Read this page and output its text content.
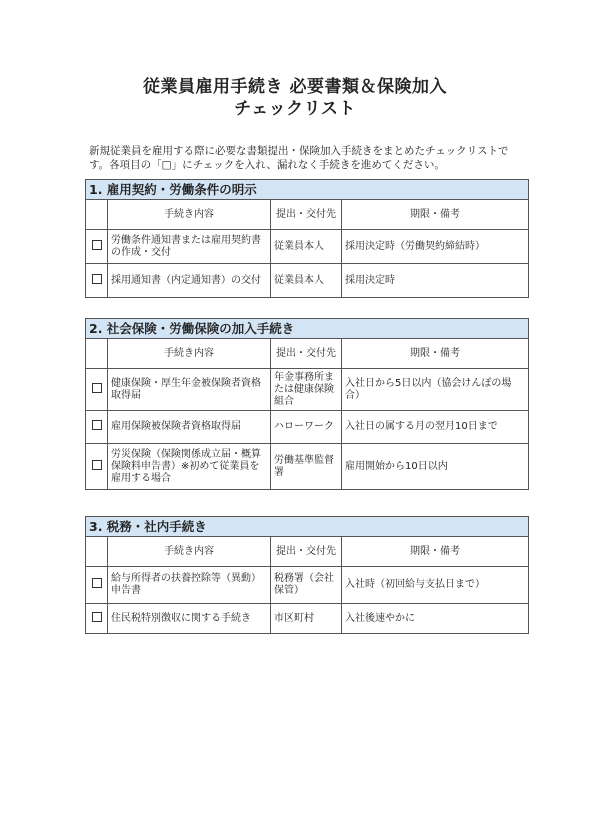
従業員雇用手続き 必要書類＆保険加入
チェックリスト
新規従業員を雇用する際に必要な書類提出・保険加入手続きをまとめたチェックリストで
す。各項目の「□」にチェックを入れ、漏れなく手続きを進めてください。
1. 雇用契約・労働条件の明示			
	手続き内容	提出・交付先	期限・備考
	労働条件通知書または雇用契約書の作成・交付	従業員本人	採用決定時（労働契約締結時）
	採用通知書（内定通知書）の交付	従業員本人	採用決定時
2. 社会保険・労働保険の加入手続き			
	手続き内容	提出・交付先	期限・備考
	健康保険・厚生年金被保険者資格取得届	年金事務所または健康保険組合	入社日から5日以内（協会けんぽの場合）
	雇用保険被保険者資格取得届	ハローワーク	入社日の属する月の翌月10日まで
	労災保険（保険関係成立届・概算保険料申告書）※初めて従業員を雇用する場合	労働基準監督署	雇用開始から10日以内
3. 税務・社内手続き			
	手続き内容	提出・交付先	期限・備考
	給与所得者の扶養控除等（異動）申告書	税務署（会社保管）	入社時（初回給与支払日まで）
	住民税特別徴収に関する手続き	市区町村	入社後速やかに
